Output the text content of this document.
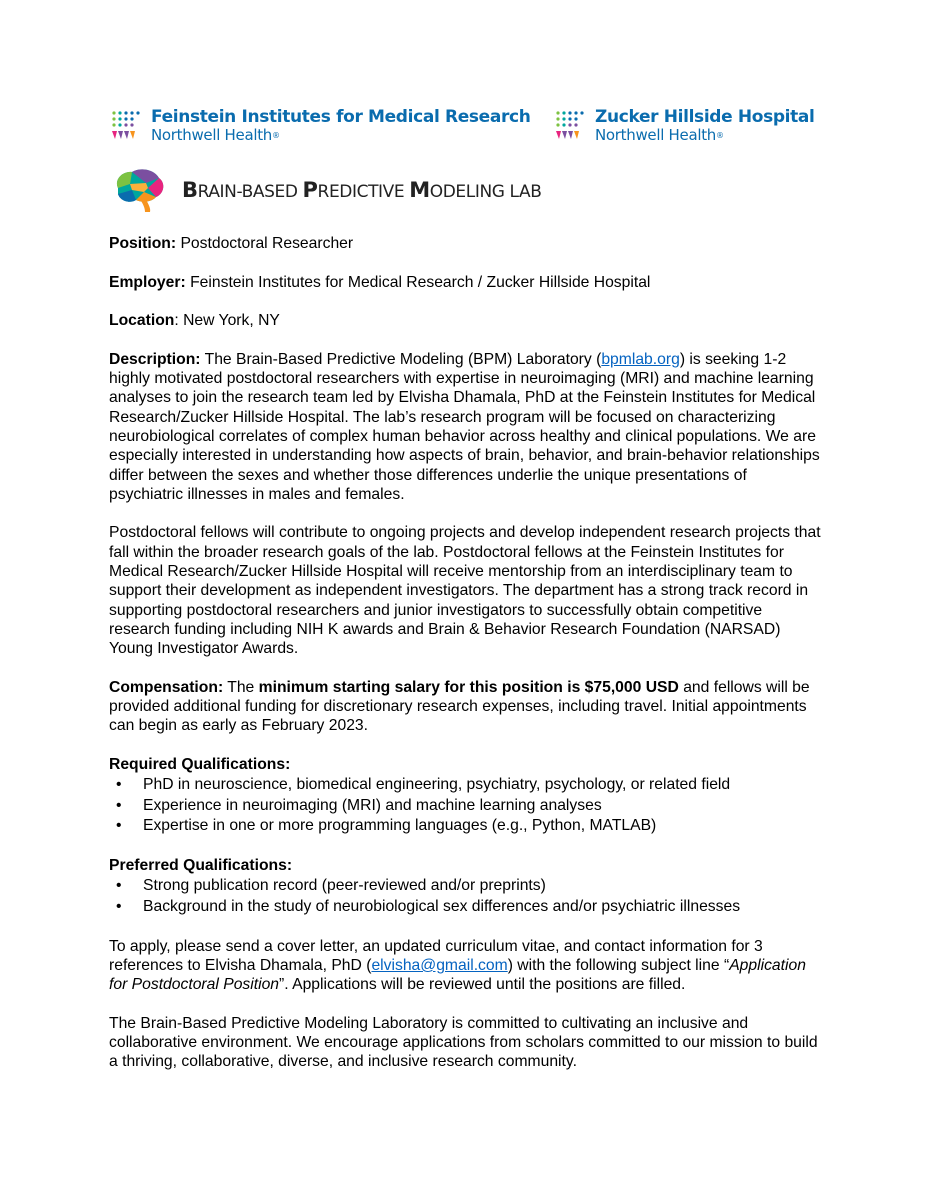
Feinstein Institutes for Medical Research
Northwell Health®
Zucker Hillside Hospital
Northwell Health®
BRAIN-BASED PREDICTIVE MODELING LAB

Position: Postdoctoral Researcher

Employer: Feinstein Institutes for Medical Research / Zucker Hillside Hospital

Location: New York, NY

Description: The Brain-Based Predictive Modeling (BPM) Laboratory (bpmlab.org) is seeking 1-2 highly motivated postdoctoral researchers with expertise in neuroimaging (MRI) and machine learning analyses to join the research team led by Elvisha Dhamala, PhD at the Feinstein Institutes for Medical Research/Zucker Hillside Hospital. The lab’s research program will be focused on characterizing neurobiological correlates of complex human behavior across healthy and clinical populations. We are especially interested in understanding how aspects of brain, behavior, and brain-behavior relationships differ between the sexes and whether those differences underlie the unique presentations of psychiatric illnesses in males and females.

Postdoctoral fellows will contribute to ongoing projects and develop independent research projects that fall within the broader research goals of the lab. Postdoctoral fellows at the Feinstein Institutes for Medical Research/Zucker Hillside Hospital will receive mentorship from an interdisciplinary team to support their development as independent investigators. The department has a strong track record in supporting postdoctoral researchers and junior investigators to successfully obtain competitive research funding including NIH K awards and Brain & Behavior Research Foundation (NARSAD) Young Investigator Awards.

Compensation: The minimum starting salary for this position is $75,000 USD and fellows will be provided additional funding for discretionary research expenses, including travel. Initial appointments can begin as early as February 2023.

Required Qualifications:
• PhD in neuroscience, biomedical engineering, psychiatry, psychology, or related field
• Experience in neuroimaging (MRI) and machine learning analyses
• Expertise in one or more programming languages (e.g., Python, MATLAB)
Preferred Qualifications:
• Strong publication record (peer-reviewed and/or preprints)
• Background in the study of neurobiological sex differences and/or psychiatric illnesses

To apply, please send a cover letter, an updated curriculum vitae, and contact information for 3 references to Elvisha Dhamala, PhD (elvisha@gmail.com) with the following subject line “Application for Postdoctoral Position”. Applications will be reviewed until the positions are filled.

The Brain-Based Predictive Modeling Laboratory is committed to cultivating an inclusive and collaborative environment. We encourage applications from scholars committed to our mission to build a thriving, collaborative, diverse, and inclusive research community.
